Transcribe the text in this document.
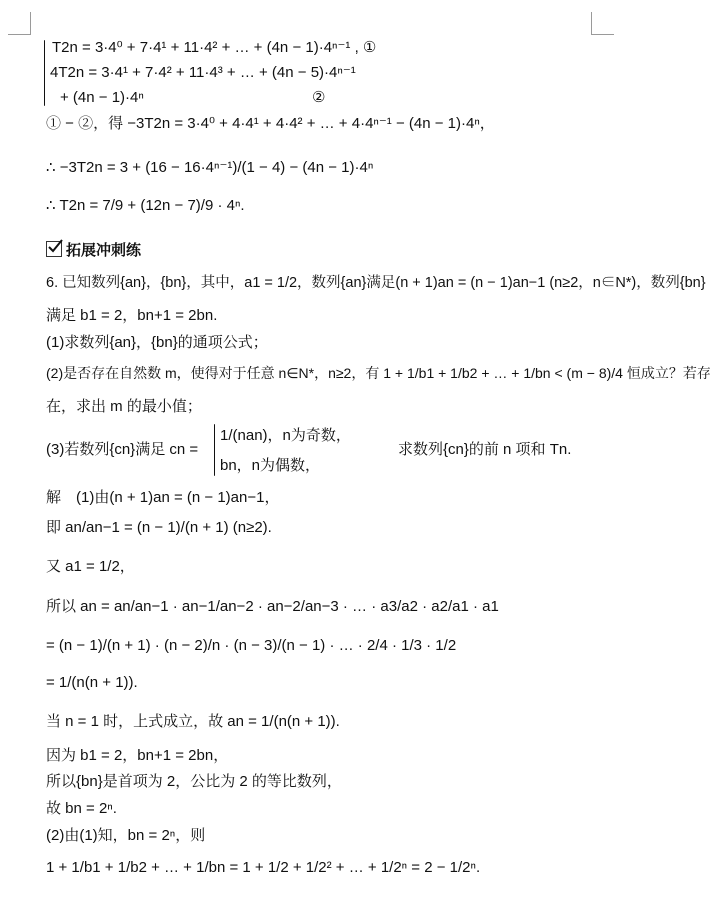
T2n = 3·4⁰ + 7·4¹ + 11·4² + … + (4n − 1)·4ⁿ⁻¹ , ①
4T2n = 3·4¹ + 7·4² + 11·4³ + … + (4n − 5)·4ⁿ⁻¹
+ (4n − 1)·4ⁿ	②
① − ②，得 −3T2n = 3·4⁰ + 4·4¹ + 4·4² + … + 4·4ⁿ⁻¹ − (4n − 1)·4ⁿ，
∴ −3T2n = 3 + (16 − 16·4ⁿ⁻¹)/(1 − 4) − (4n − 1)·4ⁿ
∴ T2n = 7/9 + (12n − 7)/9 · 4ⁿ.
拓展冲刺练
6. 已知数列{an}，{bn}，其中，a1 = 1/2，数列{an}满足(n + 1)an = (n − 1)an−1 (n≥2，n∈N*)，数列{bn}
满足 b1 = 2，bn+1 = 2bn.
(1)求数列{an}，{bn}的通项公式；
(2)是否存在自然数 m，使得对于任意 n∈N*，n≥2，有 1 + 1/b1 + 1/b2 + … + 1/bn < (m − 8)/4 恒成立？若存
在，求出 m 的最小值；
(3)若数列{cn}满足 cn =
1/(nan)，n为奇数，
bn，n为偶数，
求数列{cn}的前 n 项和 Tn.
解　(1)由(n + 1)an = (n − 1)an−1，
即 an/an−1 = (n − 1)/(n + 1) (n≥2).
又 a1 = 1/2，
所以 an = an/an−1 · an−1/an−2 · an−2/an−3 · … · a3/a2 · a2/a1 · a1
= (n − 1)/(n + 1) · (n − 2)/n · (n − 3)/(n − 1) · … · 2/4 · 1/3 · 1/2
= 1/(n(n + 1)).
当 n = 1 时，上式成立，故 an = 1/(n(n + 1)).
因为 b1 = 2，bn+1 = 2bn，
所以{bn}是首项为 2，公比为 2 的等比数列，
故 bn = 2ⁿ.
(2)由(1)知，bn = 2ⁿ，则
1 + 1/b1 + 1/b2 + … + 1/bn = 1 + 1/2 + 1/2² + … + 1/2ⁿ = 2 − 1/2ⁿ.
